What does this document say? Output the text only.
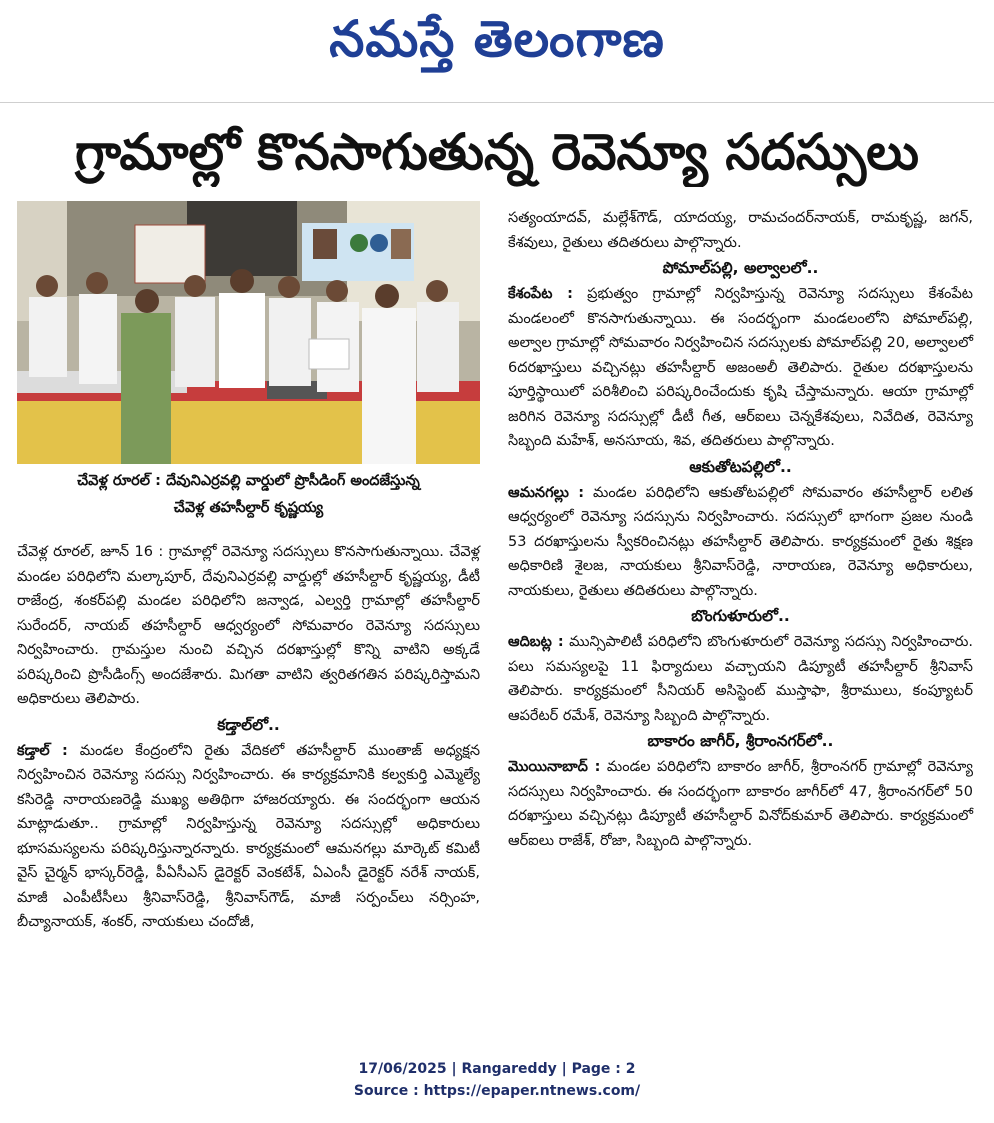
నమస్తే తెలంగాణ
గ్రామాల్లో కొనసాగుతున్న రెవెన్యూ సదస్సులు
చేవెళ్ల రూరల్ : దేవునిఎర్రవల్లి వార్డులో ప్రొసీడింగ్ అందజేస్తున్న
చేవెళ్ల తహసీల్దార్ కృష్ణయ్య

చేవెళ్ల రూరల్, జూన్ 16 : గ్రామాల్లో రెవెన్యూ సదస్సులు కొనసాగుతున్నాయి. చేవెళ్ల మండల పరిధిలోని మల్కాపూర్, దేవునిఎర్రవల్లి వార్డుల్లో తహసీల్దార్ కృష్ణయ్య, డీటీ రాజేంద్ర, శంకర్‌పల్లి మండల పరిధిలోని జన్వాడ, ఎల్వర్తి గ్రామాల్లో తహసీల్దార్ సురేందర్, నాయబ్ తహసీల్దార్ ఆధ్వర్యంలో సోమవారం రెవెన్యూ సదస్సులు నిర్వహించారు. గ్రామస్తుల నుంచి వచ్చిన దరఖాస్తుల్లో కొన్ని వాటిని అక్కడే పరిష్కరించి ప్రొసీడింగ్స్ అందజేశారు. మిగతా వాటిని త్వరితగతిన పరిష్కరిస్తామని అధికారులు తెలిపారు.

కడ్తాల్‌లో..

కడ్తాల్ : మండల కేంద్రంలోని రైతు వేదికలో తహసీల్దార్ ముంతాజ్ అధ్యక్షన నిర్వహించిన రెవెన్యూ సదస్సు నిర్వహించారు. ఈ కార్యక్రమానికి కల్వకుర్తి ఎమ్మెల్యే కసిరెడ్డి నారాయణరెడ్డి ముఖ్య అతిథిగా హాజరయ్యారు. ఈ సందర్భంగా ఆయన మాట్లాడుతూ.. గ్రామాల్లో నిర్వహిస్తున్న రెవెన్యూ సదస్సుల్లో అధికారులు భూసమస్యలను పరిష్కరిస్తున్నారన్నారు. కార్యక్రమంలో ఆమనగల్లు మార్కెట్ కమిటీ వైస్ చైర్మన్ భాస్కర్‌రెడ్డి, పీఏసీఎస్ డైరెక్టర్ వెంకటేశ్, ఏఎంసీ డైరెక్టర్ నరేశ్ నాయక్, మాజీ ఎంపీటీసీలు శ్రీనివాస్‌రెడ్డి, శ్రీనివాస్‌గౌడ్, మాజీ సర్పంచ్‌లు నర్సింహ, బీచ్యానాయక్, శంకర్, నాయకులు చందోజీ,

సత్యంయాదవ్, మల్లేశ్‌గౌడ్, యాదయ్య, రామచందర్‌నాయక్, రామకృష్ణ, జగన్, కేశవులు, రైతులు తదితరులు పాల్గొన్నారు.

పోమాల్‌పల్లి, అల్వాలలో..

కేశంపేట : ప్రభుత్వం గ్రామాల్లో నిర్వహిస్తున్న రెవెన్యూ సదస్సులు కేశంపేట మండలంలో కొనసాగుతున్నాయి. ఈ సందర్భంగా మండలంలోని పోమాల్‌పల్లి, అల్వాల గ్రామాల్లో సోమవారం నిర్వహించిన సదస్సులకు పోమాల్‌పల్లి 20, అల్వాలలో 6దరఖాస్తులు వచ్చినట్లు తహసీల్దార్ అజంఅలీ తెలిపారు. రైతుల దరఖాస్తులను పూర్తిస్థాయిలో పరిశీలించి పరిష్కరించేందుకు కృషి చేస్తామన్నారు. ఆయా గ్రామాల్లో జరిగిన రెవెన్యూ సదస్సుల్లో డీటీ గీత, ఆర్‌ఐలు చెన్నకేశవులు, నివేదిత, రెవెన్యూ సిబ్బంది మహేశ్, అనసూయ, శివ, తదితరులు పాల్గొన్నారు.

ఆకుతోటపల్లిలో..

ఆమనగల్లు : మండల పరిధిలోని ఆకుతోటపల్లిలో సోమవారం తహసీల్దార్ లలిత ఆధ్వర్యంలో రెవెన్యూ సదస్సును నిర్వహించారు. సదస్సులో భాగంగా ప్రజల నుండి 53 దరఖాస్తులను స్వీకరించినట్లు తహసీల్దార్ తెలిపారు. కార్యక్రమంలో రైతు శిక్షణ అధికారిణి శైలజ, నాయకులు శ్రీనివాస్‌రెడ్డి, నారాయణ, రెవెన్యూ అధికారులు, నాయకులు, రైతులు తదితరులు పాల్గొన్నారు.

బొంగుళూరులో..

ఆదిబట్ల : మున్సిపాలిటీ పరిధిలోని బొంగుళూరులో రెవెన్యూ సదస్సు నిర్వహించారు. పలు సమస్యలపై 11 ఫిర్యాదులు వచ్చాయని డిప్యూటీ తహసీల్దార్ శ్రీనివాస్ తెలిపారు. కార్యక్రమంలో సీనియర్ అసిస్టెంట్ ముస్తాఫా, శ్రీరాములు, కంప్యూటర్ ఆపరేటర్ రమేశ్, రెవెన్యూ సిబ్బంది పాల్గొన్నారు.

బాకారం జాగీర్, శ్రీరాంనగర్‌లో..

మొయినాబాద్ : మండల పరిధిలోని బాకారం జాగీర్, శ్రీరాంనగర్ గ్రామాల్లో రెవెన్యూ సదస్సులు నిర్వహించారు. ఈ సందర్భంగా బాకారం జాగీర్‌లో 47, శ్రీరాంనగర్‌లో 50 దరఖాస్తులు వచ్చినట్లు డిప్యూటీ తహసీల్దార్ వినోద్‌కుమార్ తెలిపారు. కార్యక్రమంలో ఆర్‌ఐలు రాజేశ్, రోజా, సిబ్బంది పాల్గొన్నారు.

17/06/2025 | Rangareddy | Page : 2
Source : https://epaper.ntnews.com/
